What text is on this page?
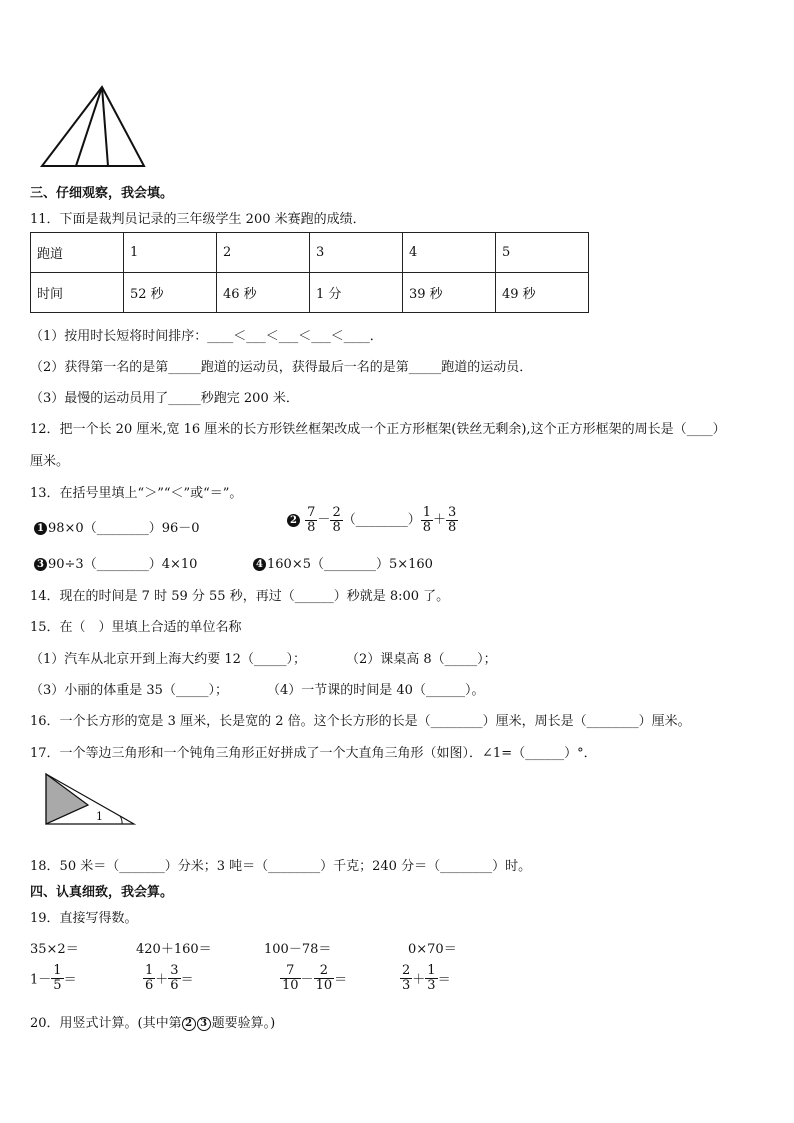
三、仔细观察，我会填。
11．下面是裁判员记录的三年级学生 200 米赛跑的成绩．
跑道	1	2	3	4	5
时间	52 秒	46 秒	1 分	39 秒	49 秒
（1）按用时长短将时间排序：____＜___＜___＜___＜____．
（2）获得第一名的是第_____跑道的运动员，获得最后一名的是第_____跑道的运动员．
（3）最慢的运动员用了_____秒跑完 200 米．
12．把一个长 20 厘米,宽 16 厘米的长方形铁丝框架改成一个正方形框架(铁丝无剩余),这个正方形框架的周长是（____）
厘米。
13．在括号里填上“＞”“＜”或“＝”。
1 98×0（________）96－0
$2 \frac{7}{8} - \frac{2}{8}$ （________） $\frac{1}{8} + \frac{3}{8}$
3 90÷3（________）4×10	4 160×5（________）5×160
14．现在的时间是 7 时 59 分 55 秒，再过（______）秒就是 8:00 了。
15．在（　）里填上合适的单位名称
（1）汽车从北京开到上海大约要 12（_____）；	（2）课桌高 8（_____）；
（3）小丽的体重是 35（_____）；	（4）一节课的时间是 40（______）。
16．一个长方形的宽是 3 厘米，长是宽的 2 倍。这个长方形的长是（________）厘米，周长是（________）厘米。
17．一个等边三角形和一个钝角三角形正好拼成了一个大直角三角形（如图）．∠1=（______）°．
1
18．50 米＝（_______）分米；3 吨＝（________）千克；240 分＝（________）时。
四、认真细致，我会算。
19．直接写得数。
35×2＝	420＋160＝	100－78＝	0×70＝
$1- \frac{1}{5}$ ＝	$\frac{1}{6} + \frac{3}{6}$ ＝	$\frac{7}{10} - \frac{2}{10}$ ＝	$\frac{2}{3} + \frac{1}{3}$ ＝
20．用竖式计算。(其中第 2 3 题要验算。)
